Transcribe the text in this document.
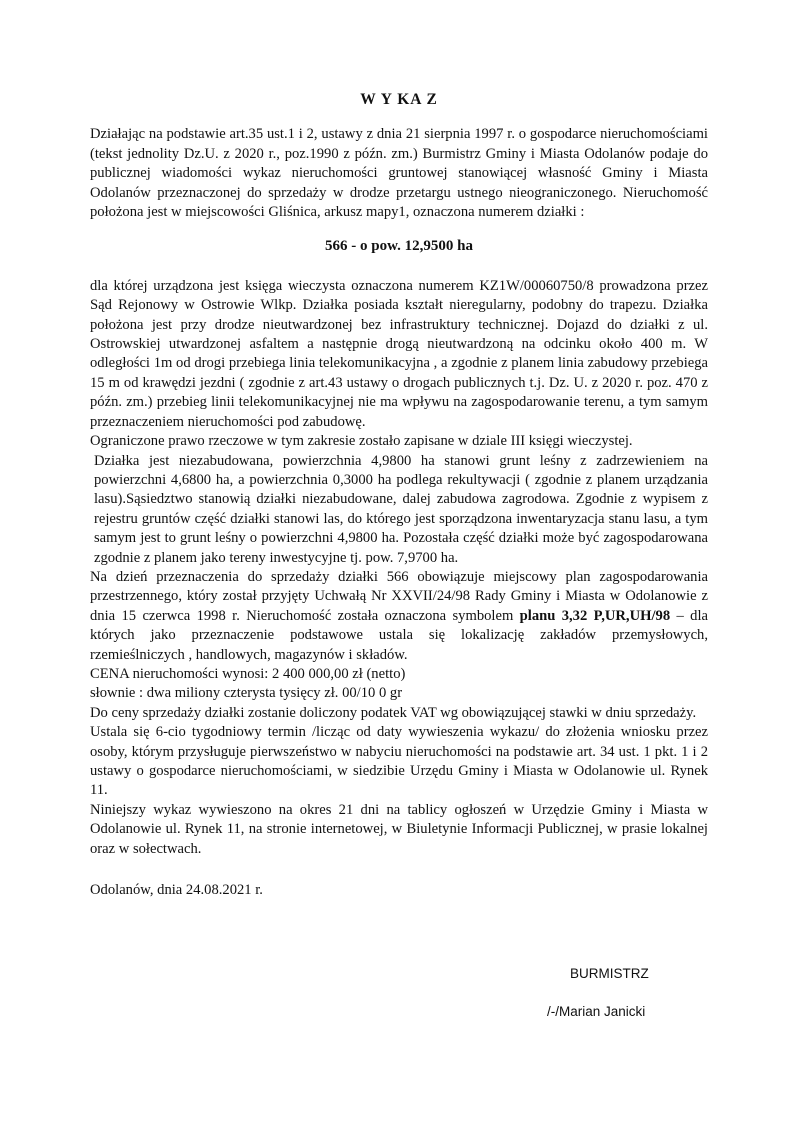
W Y KA Z

Działając na podstawie art.35 ust.1 i 2, ustawy z dnia 21 sierpnia 1997 r. o gospodarce nieruchomościami (tekst jednolity Dz.U. z 2020 r., poz.1990 z późn. zm.) Burmistrz Gminy i Miasta Odolanów podaje do publicznej wiadomości wykaz nieruchomości gruntowej stanowiącej własność Gminy i Miasta Odolanów przeznaczonej do sprzedaży w drodze przetargu ustnego nieograniczonego. Nieruchomość położona jest w miejscowości Gliśnica, arkusz mapy1, oznaczona numerem działki :

566 - o pow. 12,9500 ha

dla której urządzona jest księga wieczysta oznaczona numerem KZ1W/00060750/8 prowadzona przez Sąd Rejonowy w Ostrowie Wlkp. Działka posiada kształt nieregularny, podobny do trapezu. Działka położona jest przy drodze nieutwardzonej bez infrastruktury technicznej. Dojazd do działki z ul. Ostrowskiej utwardzonej asfaltem a następnie drogą nieutwardzoną na odcinku około 400 m. W odległości 1m od drogi przebiega linia telekomunikacyjna , a zgodnie z planem linia zabudowy przebiega 15 m od krawędzi jezdni ( zgodnie z art.43 ustawy o drogach publicznych t.j. Dz. U. z 2020 r. poz. 470 z późn. zm.) przebieg linii telekomunikacyjnej nie ma wpływu na zagospodarowanie terenu, a tym samym przeznaczeniem nieruchomości pod zabudowę.

Ograniczone prawo rzeczowe w tym zakresie zostało zapisane w dziale III księgi wieczystej.

Działka jest niezabudowana, powierzchnia 4,9800 ha stanowi grunt leśny z zadrzewieniem na powierzchni 4,6800 ha, a powierzchnia 0,3000 ha podlega rekultywacji ( zgodnie z planem urządzania lasu).Sąsiedztwo stanowią działki niezabudowane, dalej zabudowa zagrodowa. Zgodnie z wypisem z rejestru gruntów część działki stanowi las, do którego jest sporządzona inwentaryzacja stanu lasu, a tym samym jest to grunt leśny o powierzchni 4,9800 ha. Pozostała część działki może być zagospodarowana zgodnie z planem jako tereny inwestycyjne tj. pow. 7,9700 ha.

Na dzień przeznaczenia do sprzedaży działki 566 obowiązuje miejscowy plan zagospodarowania przestrzennego, który został przyjęty Uchwałą Nr XXVII/24/98 Rady Gminy i Miasta w Odolanowie z dnia 15 czerwca 1998 r. Nieruchomość została oznaczona symbolem planu 3,32 P,UR,UH/98 – dla których jako przeznaczenie podstawowe ustala się lokalizację zakładów przemysłowych, rzemieślniczych , handlowych, magazynów i składów.

CENA nieruchomości wynosi: 2 400 000,00 zł (netto)

słownie : dwa miliony czterysta tysięcy zł. 00/10 0 gr

Do ceny sprzedaży działki zostanie doliczony podatek VAT wg obowiązującej stawki w dniu sprzedaży.

Ustala się 6-cio tygodniowy termin /licząc od daty wywieszenia wykazu/ do złożenia wniosku przez osoby, którym przysługuje pierwszeństwo w nabyciu nieruchomości na podstawie art. 34 ust. 1 pkt. 1 i 2 ustawy o gospodarce nieruchomościami, w siedzibie Urzędu Gminy i Miasta w Odolanowie ul. Rynek 11.

Niniejszy wykaz wywieszono na okres 21 dni na tablicy ogłoszeń w Urzędzie Gminy i Miasta w Odolanowie ul. Rynek 11, na stronie internetowej, w Biuletynie Informacji Publicznej, w prasie lokalnej oraz w sołectwach.

Odolanów, dnia 24.08.2021 r.

BURMISTRZ
/-/Marian Janicki
